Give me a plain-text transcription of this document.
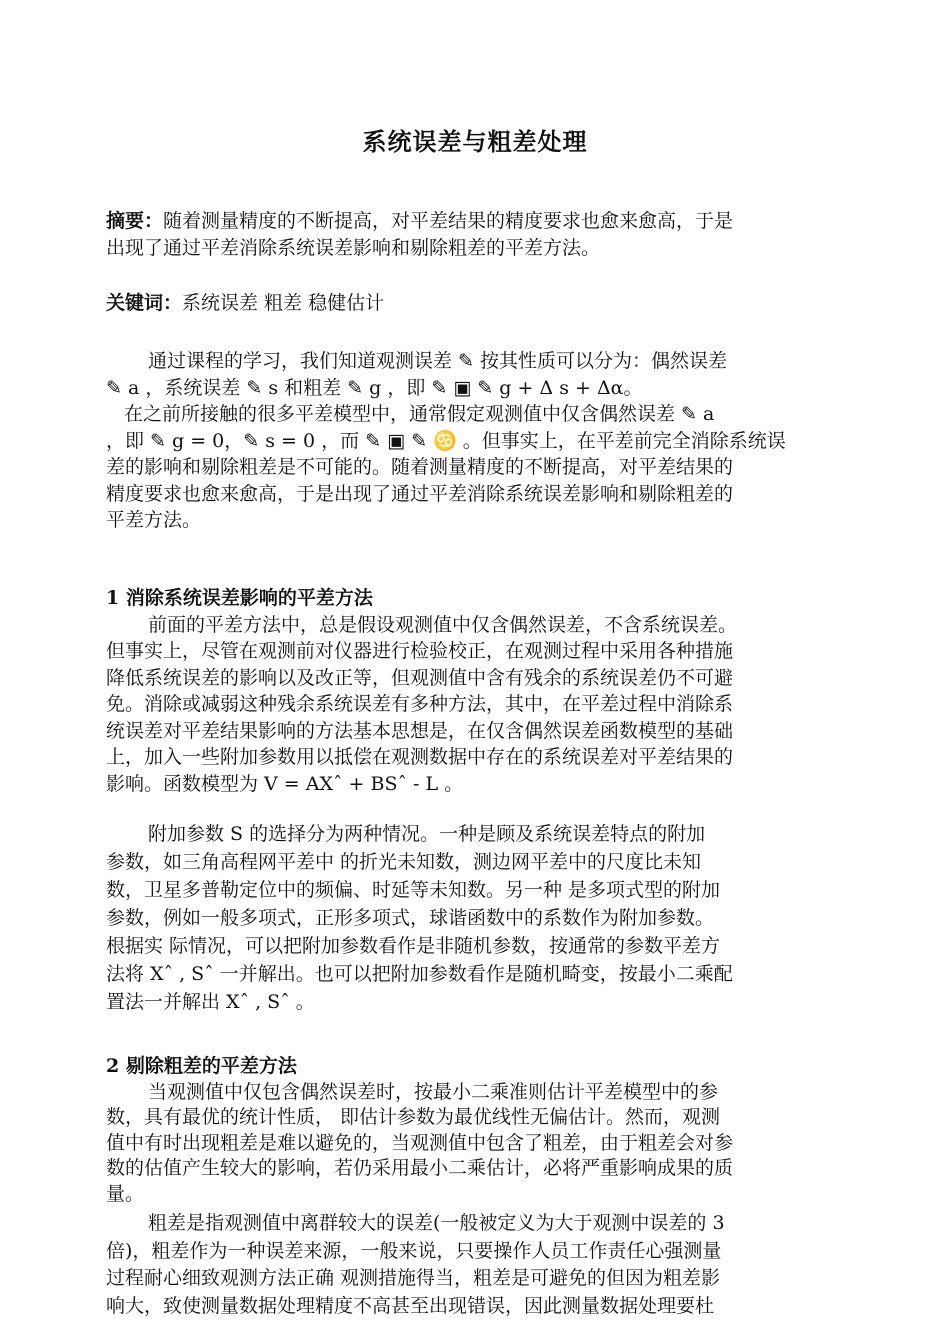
系统误差与粗差处理
摘要：随着测量精度的不断提高，对平差结果的精度要求也愈来愈高，于是
出现了通过平差消除系统误差影响和剔除粗差的平差方法。
关键词：系统误差 粗差 稳健估计
通过课程的学习，我们知道观测误差 ✎ 按其性质可以分为：偶然误差
✎ a ，系统误差 ✎ s 和粗差 ✎ g ，即 ✎ ▣ ✎ g + Δ s + Δα。
在之前所接触的很多平差模型中，通常假定观测值中仅含偶然误差 ✎ a
，即 ✎ g = 0，✎ s = 0 ，而 ✎ ▣ ✎ ♋ 。但事实上，在平差前完全消除系统误
差的影响和剔除粗差是不可能的。随着测量精度的不断提高，对平差结果的
精度要求也愈来愈高，于是出现了通过平差消除系统误差影响和剔除粗差的
平差方法。
1 消除系统误差影响的平差方法
前面的平差方法中，总是假设观测值中仅含偶然误差，不含系统误差。
但事实上，尽管在观测前对仪器进行检验校正，在观测过程中采用各种措施
降低系统误差的影响以及改正等，但观测值中含有残余的系统误差仍不可避
免。消除或减弱这种残余系统误差有多种方法，其中，在平差过程中消除系
统误差对平差结果影响的方法基本思想是，在仅含偶然误差函数模型的基础
上，加入一些附加参数用以抵偿在观测数据中存在的系统误差对平差结果的
影响。函数模型为 V = AXˆ + BSˆ - L 。
附加参数 S 的选择分为两种情况。一种是顾及系统误差特点的附加
参数，如三角高程网平差中 的折光未知数，测边网平差中的尺度比未知
数，卫星多普勒定位中的频偏、时延等未知数。另一种 是多项式型的附加
参数，例如一般多项式，正形多项式，球谐函数中的系数作为附加参数。
根据实 际情况，可以把附加参数看作是非随机参数，按通常的参数平差方
法将 Xˆ , Sˆ 一并解出。也可以把附加参数看作是随机畸变，按最小二乘配
置法一并解出 Xˆ , Sˆ 。
2 剔除粗差的平差方法
当观测值中仅包含偶然误差时，按最小二乘准则估计平差模型中的参
数，具有最优的统计性质， 即估计参数为最优线性无偏估计。然而，观测
值中有时出现粗差是难以避免的，当观测值中包含了粗差，由于粗差会对参
数的估值产生较大的影响，若仍采用最小二乘估计，必将严重影响成果的质
量。
粗差是指观测值中离群较大的误差(一般被定义为大于观测中误差的 3
倍)，粗差作为一种误差来源，一般来说，只要操作人员工作责任心强测量
过程耐心细致观测方法正确 观测措施得当，粗差是可避免的但因为粗差影
响大，致使测量数据处理精度不高甚至出现错误，因此测量数据处理要杜
